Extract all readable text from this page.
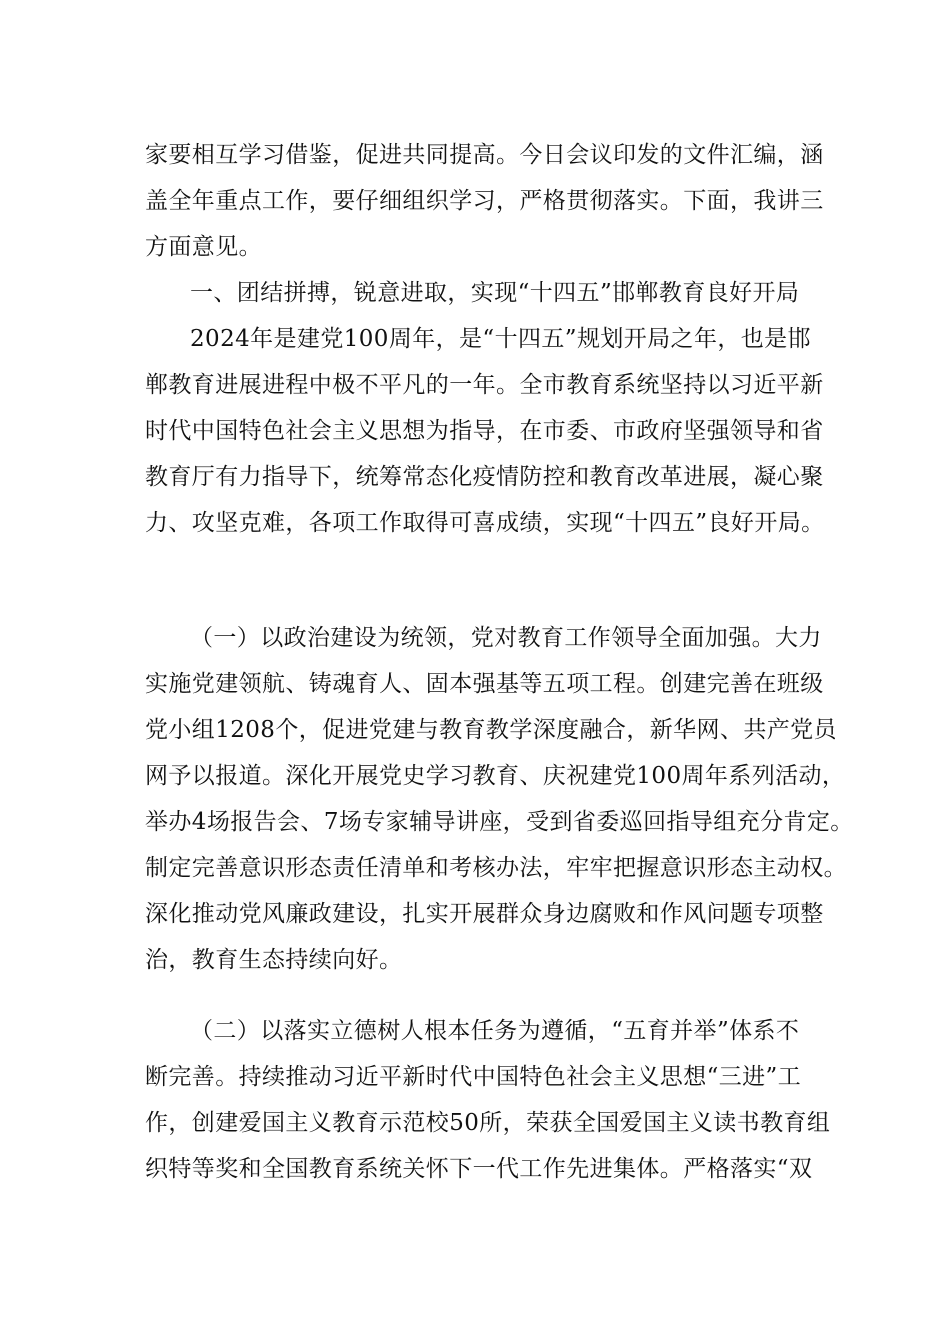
家要相互学习借鉴，促进共同提高。今日会议印发的文件汇编，涵
盖全年重点工作，要仔细组织学习，严格贯彻落实。下面，我讲三
方面意见。
一、团结拼搏，锐意进取，实现“十四五”邯郸教育良好开局
2024年是建党100周年，是“十四五”规划开局之年，也是邯
郸教育进展进程中极不平凡的一年。全市教育系统坚持以习近平新
时代中国特色社会主义思想为指导，在市委、市政府坚强领导和省
教育厅有力指导下，统筹常态化疫情防控和教育改革进展，凝心聚
力、攻坚克难，各项工作取得可喜成绩，实现“十四五”良好开局。
（一）以政治建设为统领，党对教育工作领导全面加强。大力
实施党建领航、铸魂育人、固本强基等五项工程。创建完善在班级
党小组1208个，促进党建与教育教学深度融合，新华网、共产党员
网予以报道。深化开展党史学习教育、庆祝建党100周年系列活动，
举办4场报告会、7场专家辅导讲座，受到省委巡回指导组充分肯定。
制定完善意识形态责任清单和考核办法，牢牢把握意识形态主动权。
深化推动党风廉政建设，扎实开展群众身边腐败和作风问题专项整
治，教育生态持续向好。
（二）以落实立德树人根本任务为遵循，“五育并举”体系不
断完善。持续推动习近平新时代中国特色社会主义思想“三进”工
作，创建爱国主义教育示范校50所，荣获全国爱国主义读书教育组
织特等奖和全国教育系统关怀下一代工作先进集体。严格落实“双
